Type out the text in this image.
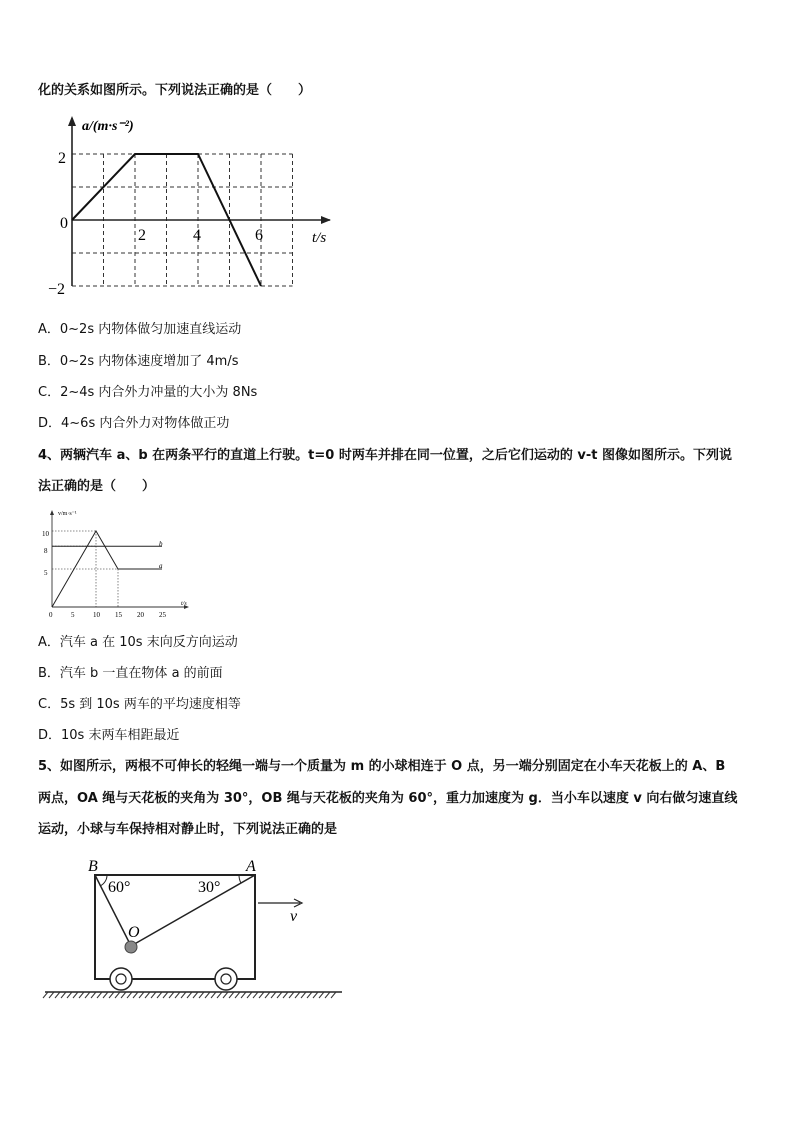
化的关系如图所示。下列说法正确的是（　　）
a/(m·s⁻²)
t/s
2
0
−2
2	4	6
A．0~2s 内物体做匀加速直线运动
B．0~2s 内物体速度增加了 4m/s
C．2~4s 内合外力冲量的大小为 8Ns
D．4~6s 内合外力对物体做正功
4、两辆汽车 a、b 在两条平行的直道上行驶。t=0 时两车并排在同一位置，之后它们运动的 v-t 图像如图所示。下列说
法正确的是（　　）
v/m·s⁻¹
t/s
10
8
5
0	5	10 15 20 25
b
a
A．汽车 a 在 10s 末向反方向运动
B．汽车 b 一直在物体 a 的前面
C．5s 到 10s 两车的平均速度相等
D．10s 末两车相距最近
5、如图所示，两根不可伸长的轻绳一端与一个质量为 m 的小球相连于 O 点，另一端分别固定在小车天花板上的 A、B
两点，OA 绳与天花板的夹角为 30°，OB 绳与天花板的夹角为 60°，重力加速度为 g．当小车以速度 v 向右做匀速直线
运动，小球与车保持相对静止时，下列说法正确的是
B	A
O
60°	30°
v
